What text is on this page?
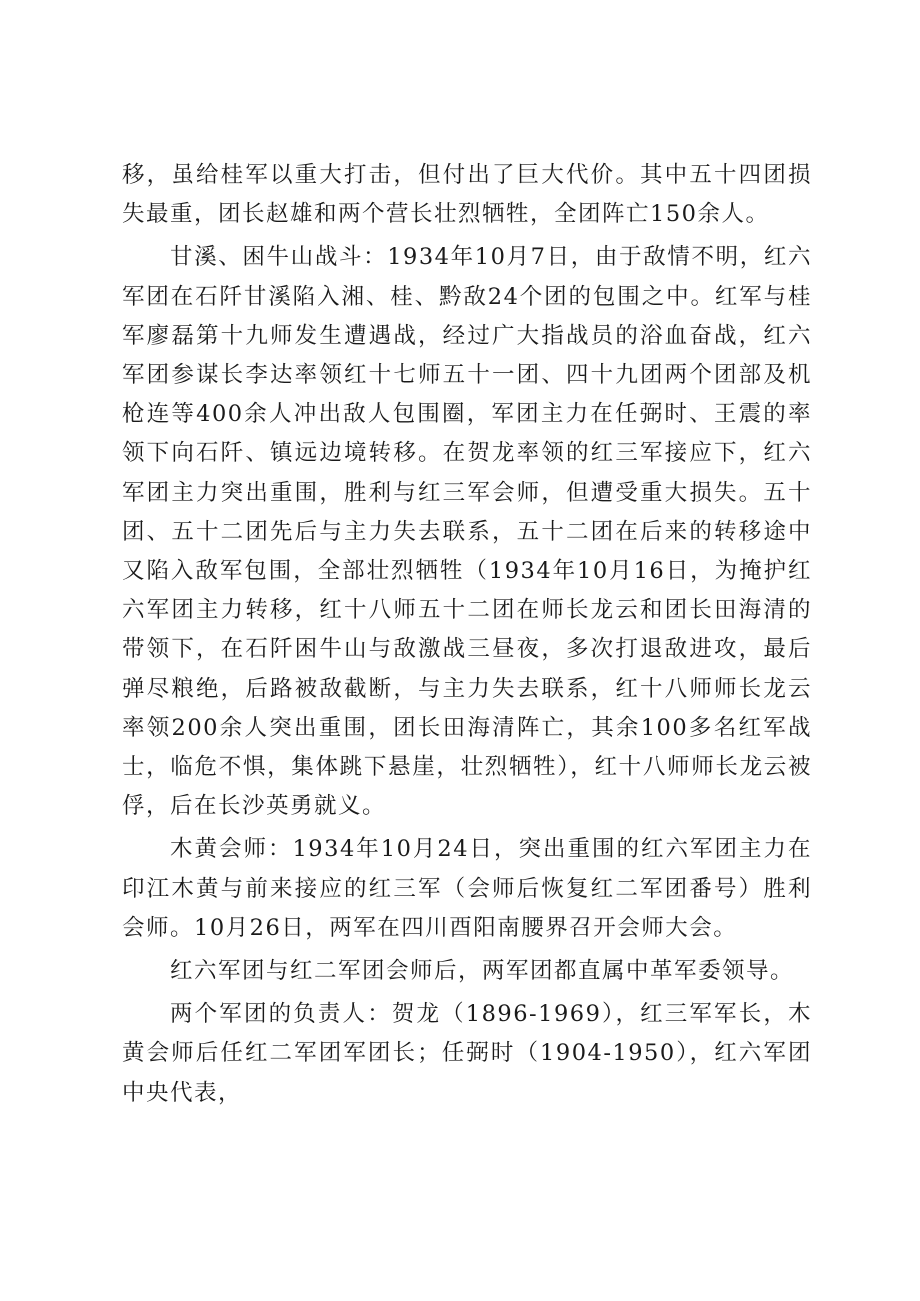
移，虽给桂军以重大打击，但付出了巨大代价。其中五十四团损失最重，团长赵雄和两个营长壮烈牺牲，全团阵亡150余人。

甘溪、困牛山战斗：1934年10月7日，由于敌情不明，红六军团在石阡甘溪陷入湘、桂、黔敌24个团的包围之中。红军与桂军廖磊第十九师发生遭遇战，经过广大指战员的浴血奋战，红六军团参谋长李达率领红十七师五十一团、四十九团两个团部及机枪连等400余人冲出敌人包围圈，军团主力在任弼时、王震的率领下向石阡、镇远边境转移。在贺龙率领的红三军接应下，红六军团主力突出重围，胜利与红三军会师，但遭受重大损失。五十团、五十二团先后与主力失去联系，五十二团在后来的转移途中又陷入敌军包围，全部壮烈牺牲（1934年10月16日，为掩护红六军团主力转移，红十八师五十二团在师长龙云和团长田海清的带领下，在石阡困牛山与敌激战三昼夜，多次打退敌进攻，最后弹尽粮绝，后路被敌截断，与主力失去联系，红十八师师长龙云率领200余人突出重围，团长田海清阵亡，其余100多名红军战士，临危不惧，集体跳下悬崖，壮烈牺牲），红十八师师长龙云被俘，后在长沙英勇就义。

木黄会师：1934年10月24日，突出重围的红六军团主力在印江木黄与前来接应的红三军（会师后恢复红二军团番号）胜利会师。10月26日，两军在四川酉阳南腰界召开会师大会。

红六军团与红二军团会师后，两军团都直属中革军委领导。

两个军团的负责人：贺龙（1896-1969），红三军军长，木黄会师后任红二军团军团长；任弼时（1904-1950），红六军团中央代表，
